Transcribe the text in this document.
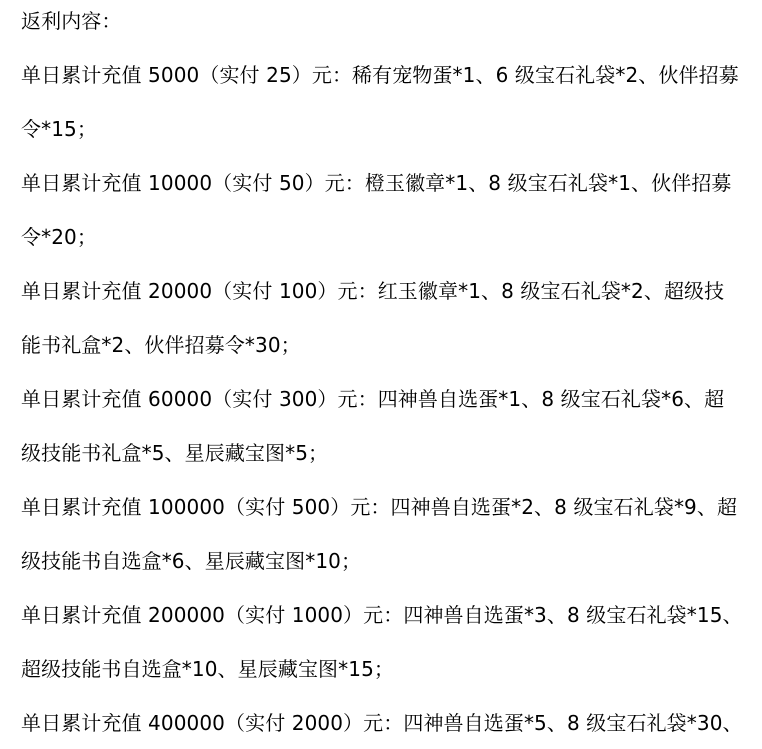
返利内容：
单日累计充值 5000（实付 25）元：稀有宠物蛋*1、6 级宝石礼袋*2、伙伴招募
令*15；
单日累计充值 10000（实付 50）元：橙玉徽章*1、8 级宝石礼袋*1、伙伴招募
令*20；
单日累计充值 20000（实付 100）元：红玉徽章*1、8 级宝石礼袋*2、超级技
能书礼盒*2、伙伴招募令*30；
单日累计充值 60000（实付 300）元：四神兽自选蛋*1、8 级宝石礼袋*6、超
级技能书礼盒*5、星辰藏宝图*5；
单日累计充值 100000（实付 500）元：四神兽自选蛋*2、8 级宝石礼袋*9、超
级技能书自选盒*6、星辰藏宝图*10；
单日累计充值 200000（实付 1000）元：四神兽自选蛋*3、8 级宝石礼袋*15、
超级技能书自选盒*10、星辰藏宝图*15；
单日累计充值 400000（实付 2000）元：四神兽自选蛋*5、8 级宝石礼袋*30、
